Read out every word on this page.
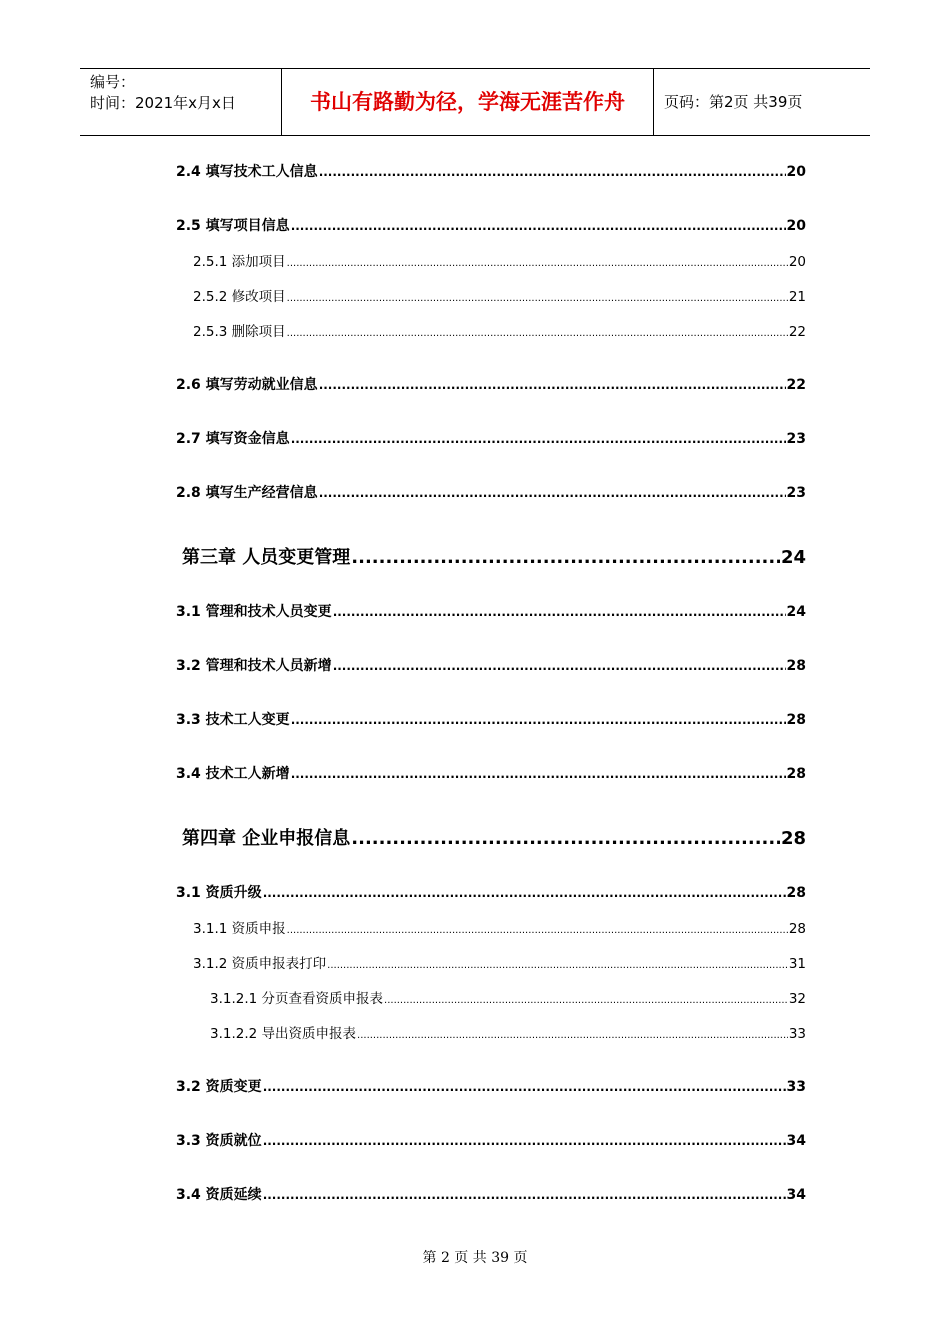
编号：
时间：2021年x月x日	书山有路勤为径，学海无涯苦作舟	页码：第2页 共39页
2.4 填写技术工人信息 .....	20
2.5 填写项目信息 .....	20
2.5.1 添加项目 .....	20
2.5.2 修改项目 .....	21
2.5.3 删除项目 .....	22
2.6 填写劳动就业信息 .....	22
2.7 填写资金信息 .....	23
2.8 填写生产经营信息 .....	23
第三章 人员变更管理 .....	24
3.1 管理和技术人员变更 .....	24
3.2 管理和技术人员新增 .....	28
3.3 技术工人变更 .....	28
3.4 技术工人新增 .....	28
第四章 企业申报信息 .....	28
3.1 资质升级 .....	28
3.1.1 资质申报 .....	28
3.1.2 资质申报表打印 .....	31
3.1.2.1 分页查看资质申报表 .....	32
3.1.2.2 导出资质申报表 .....	33
3.2 资质变更 .....	33
3.3 资质就位 .....	34
3.4 资质延续 .....	34
第 2 页 共 39 页
